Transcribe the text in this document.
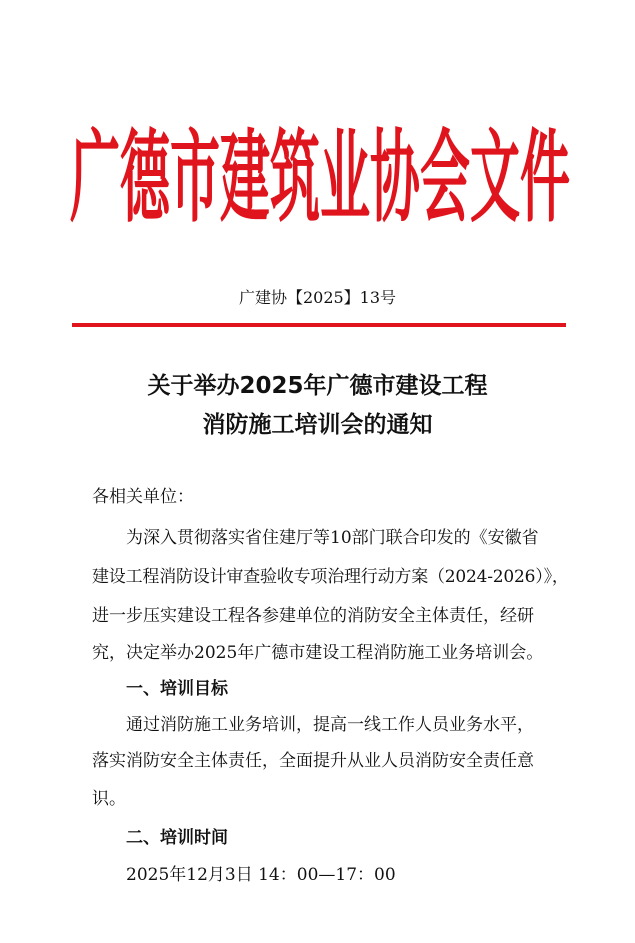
广 德 市 建 筑 业 协 会 文 件
广建协【2025】13号
关于举办2025年广德市建设工程
消防施工培训会的通知
各相关单位：
为深入贯彻落实省住建厅等10部门联合印发的《安徽省
建设工程消防设计审查验收专项治理行动方案（2024-2026）》，
进一步压实建设工程各参建单位的消防安全主体责任，经研
究，决定举办2025年广德市建设工程消防施工业务培训会。
一、培训目标
通过消防施工业务培训，提高一线工作人员业务水平，
落实消防安全主体责任，全面提升从业人员消防安全责任意
识。
二、培训时间
2025年12月3日 14：00—17：00
